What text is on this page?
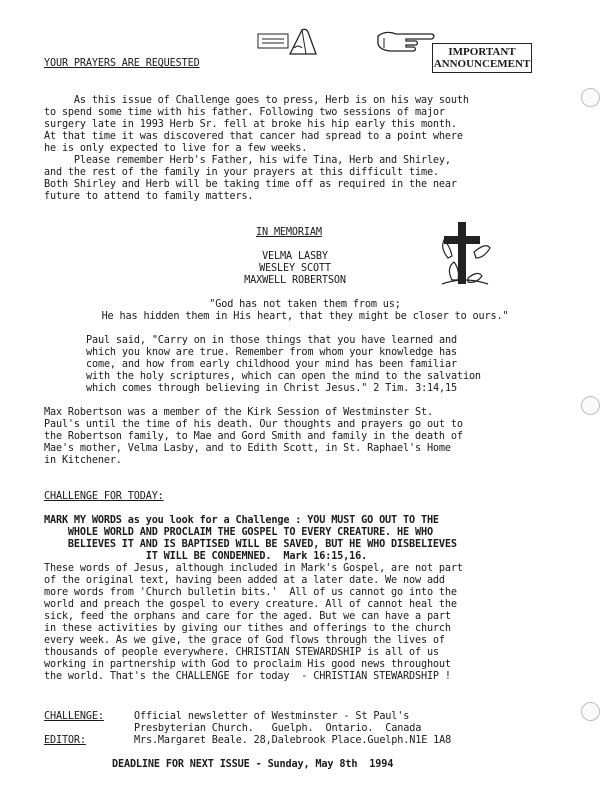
YOUR PRAYERS ARE REQUESTED
IMPORTANT
ANNOUNCEMENT
As this issue of Challenge goes to press, Herb is on his way south
to spend some time with his father. Following two sessions of major
surgery late in 1993 Herb Sr. fell at broke his hip early this month.
At that time it was discovered that cancer had spread to a point where
he is only expected to live for a few weeks.
Please remember Herb's Father, his wife Tina, Herb and Shirley,
and the rest of the family in your prayers at this difficult time.
Both Shirley and Herb will be taking time off as required in the near
future to attend to family matters.
IN MEMORIAM
VELMA LASBY
WESLEY SCOTT
MAXWELL ROBERTSON
"God has not taken them from us;
He has hidden them in His heart, that they might be closer to ours."
Paul said, "Carry on in those things that you have learned and
which you know are true. Remember from whom your knowledge has
come, and how from early childhood your mind has been familiar
with the holy scriptures, which can open the mind to the salvation
which comes through believing in Christ Jesus." 2 Tim. 3:14,15
Max Robertson was a member of the Kirk Session of Westminster St.
Paul's until the time of his death. Our thoughts and prayers go out to
the Robertson family, to Mae and Gord Smith and family in the death of
Mae's mother, Velma Lasby, and to Edith Scott, in St. Raphael's Home
in Kitchener.
CHALLENGE FOR TODAY:
MARK MY WORDS as you look for a Challenge : YOU MUST GO OUT TO THE
WHOLE WORLD AND PROCLAIM THE GOSPEL TO EVERY CREATURE. HE WHO
BELIEVES IT AND IS BAPTISED WILL BE SAVED, BUT HE WHO DISBELIEVES
IT WILL BE CONDEMNED.  Mark 16:15,16.
These words of Jesus, although included in Mark's Gospel, are not part
of the original text, having been added at a later date. We now add
more words from 'Church bulletin bits.'  All of us cannot go into the
world and preach the gospel to every creature. All of cannot heal the
sick, feed the orphans and care for the aged. But we can have a part
in these activities by giving our tithes and offerings to the church
every week. As we give, the grace of God flows through the lives of
thousands of people everywhere. CHRISTIAN STEWARDSHIP is all of us
working in partnership with God to proclaim His good news throughout
the world. That's the CHALLENGE for today  - CHRISTIAN STEWARDSHIP !
CHALLENGE:	Official newsletter of Westminster - St Paul's
Presbyterian Church.   Guelph.  Ontario.  Canada
EDITOR:	Mrs.Margaret Beale. 28,Dalebrook Place.Guelph.N1E 1A8
DEADLINE FOR NEXT ISSUE - Sunday, May 8th  1994
